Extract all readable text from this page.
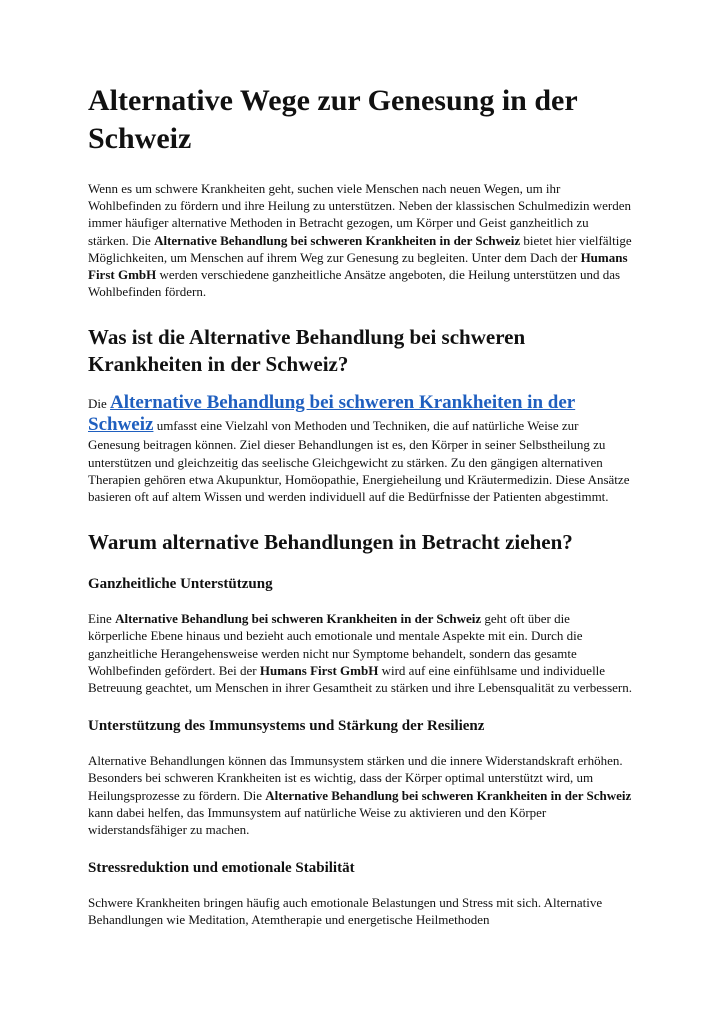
Alternative Wege zur Genesung in der Schweiz

Wenn es um schwere Krankheiten geht, suchen viele Menschen nach neuen Wegen, um ihr Wohlbefinden zu fördern und ihre Heilung zu unterstützen. Neben der klassischen Schulmedizin werden immer häufiger alternative Methoden in Betracht gezogen, um Körper und Geist ganzheitlich zu stärken. Die Alternative Behandlung bei schweren Krankheiten in der Schweiz bietet hier vielfältige Möglichkeiten, um Menschen auf ihrem Weg zur Genesung zu begleiten. Unter dem Dach der Humans First GmbH werden verschiedene ganzheitliche Ansätze angeboten, die Heilung unterstützen und das Wohlbefinden fördern.

Was ist die Alternative Behandlung bei schweren Krankheiten in der Schweiz?

Die Alternative Behandlung bei schweren Krankheiten in der Schweiz umfasst eine Vielzahl von Methoden und Techniken, die auf natürliche Weise zur Genesung beitragen können. Ziel dieser Behandlungen ist es, den Körper in seiner Selbstheilung zu unterstützen und gleichzeitig das seelische Gleichgewicht zu stärken. Zu den gängigen alternativen Therapien gehören etwa Akupunktur, Homöopathie, Energieheilung und Kräutermedizin. Diese Ansätze basieren oft auf altem Wissen und werden individuell auf die Bedürfnisse der Patienten abgestimmt.

Warum alternative Behandlungen in Betracht ziehen?
Ganzheitliche Unterstützung

Eine Alternative Behandlung bei schweren Krankheiten in der Schweiz geht oft über die körperliche Ebene hinaus und bezieht auch emotionale und mentale Aspekte mit ein. Durch die ganzheitliche Herangehensweise werden nicht nur Symptome behandelt, sondern das gesamte Wohlbefinden gefördert. Bei der Humans First GmbH wird auf eine einfühlsame und individuelle Betreuung geachtet, um Menschen in ihrer Gesamtheit zu stärken und ihre Lebensqualität zu verbessern.

Unterstützung des Immunsystems und Stärkung der Resilienz

Alternative Behandlungen können das Immunsystem stärken und die innere Widerstandskraft erhöhen. Besonders bei schweren Krankheiten ist es wichtig, dass der Körper optimal unterstützt wird, um Heilungsprozesse zu fördern. Die Alternative Behandlung bei schweren Krankheiten in der Schweiz kann dabei helfen, das Immunsystem auf natürliche Weise zu aktivieren und den Körper widerstandsfähiger zu machen.

Stressreduktion und emotionale Stabilität

Schwere Krankheiten bringen häufig auch emotionale Belastungen und Stress mit sich. Alternative Behandlungen wie Meditation, Atemtherapie und energetische Heilmethoden
